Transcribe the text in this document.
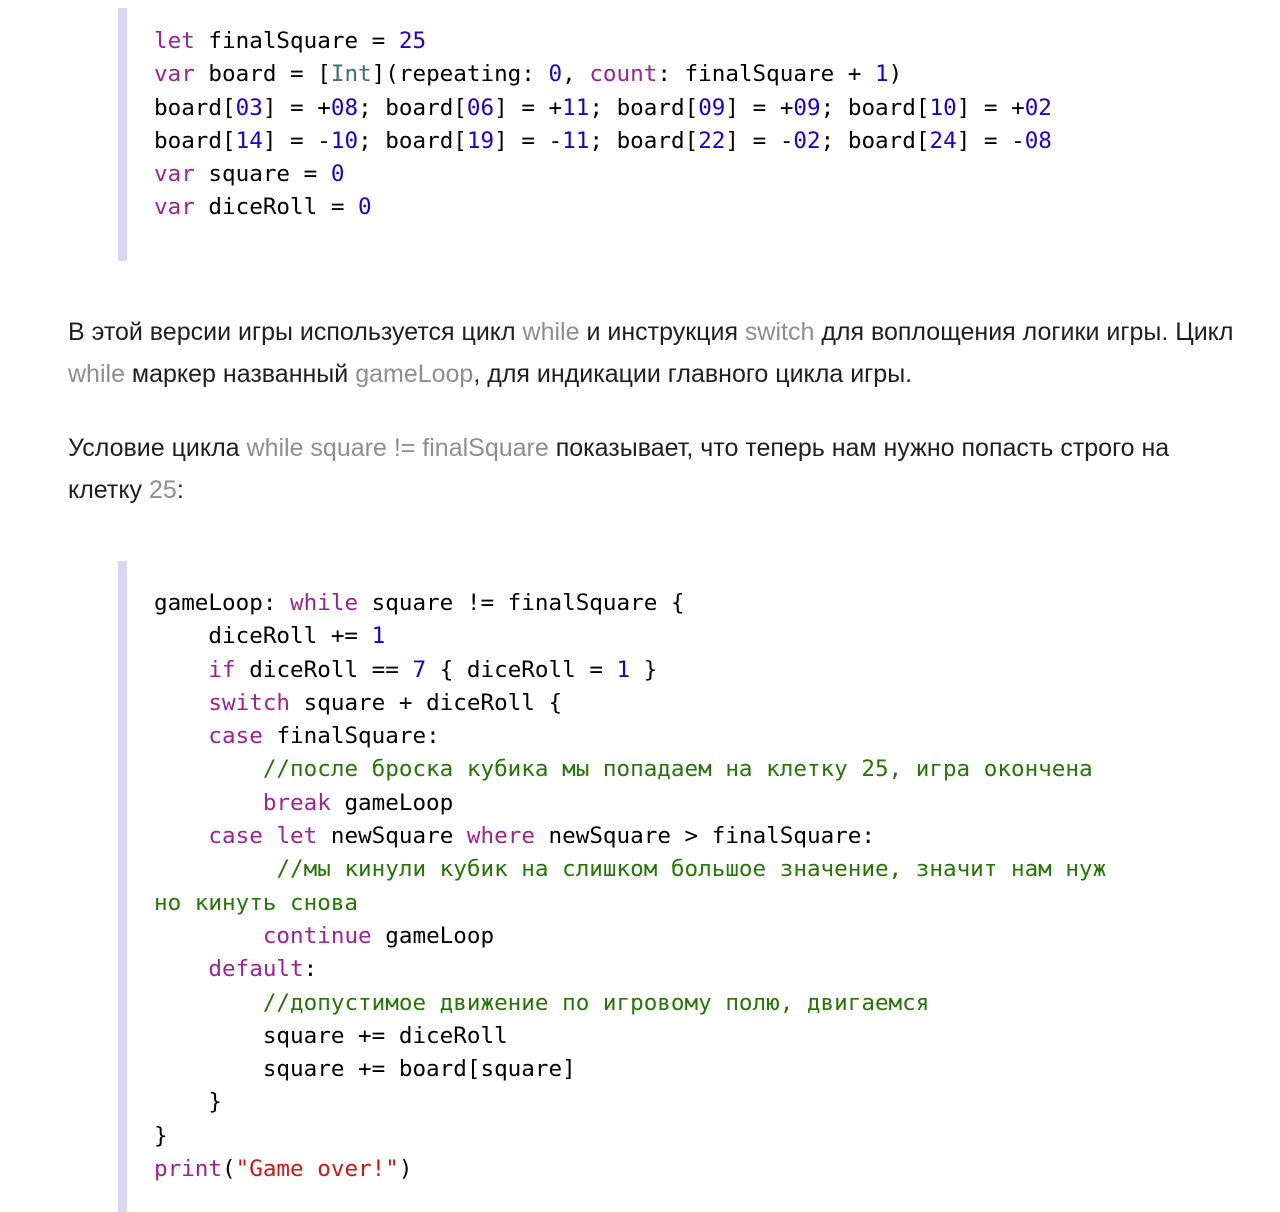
let finalSquare = 25
var board = [Int](repeating: 0, count: finalSquare + 1)
board[03] = +08; board[06] = +11; board[09] = +09; board[10] = +02
board[14] = -10; board[19] = -11; board[22] = -02; board[24] = -08
var square = 0
var diceRoll = 0

В этой версии игры используется цикл while и инструкция switch для воплощения логики игры. Цикл while маркер названный gameLoop, для индикации главного цикла игры.

Условие цикла while square != finalSquare показывает, что теперь нам нужно попасть строго на клетку 25:

gameLoop: while square != finalSquare {
diceRoll += 1
if diceRoll == 7 { diceRoll = 1 }
switch square + diceRoll {
case finalSquare:
//после броска кубика мы попадаем на клетку 25, игра окончена
break gameLoop
case let newSquare where newSquare > finalSquare:
//мы кинули кубик на слишком большое значение, значит нам нуж
но кинуть снова
continue gameLoop
default:
//допустимое движение по игровому полю, двигаемся
square += diceRoll
square += board[square]
}
}
print("Game over!")
